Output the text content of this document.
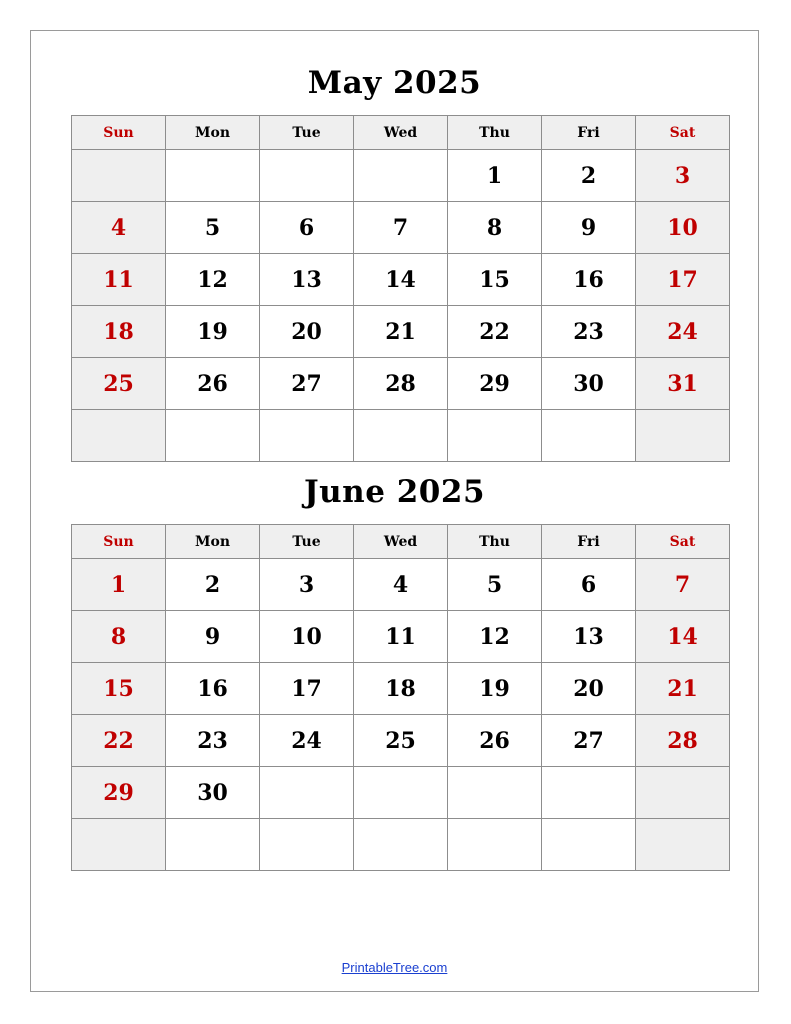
May 2025
Sun	Mon	Tue	Wed	Thu	Fri	Sat
				1	2	3
4	5	6	7	8	9	10
11	12	13	14	15	16	17
18	19	20	21	22	23	24
25	26	27	28	29	30	31

June 2025
Sun	Mon	Tue	Wed	Thu	Fri	Sat
1	2	3	4	5	6	7
8	9	10	11	12	13	14
15	16	17	18	19	20	21
22	23	24	25	26	27	28
29	30					

PrintableTree.com
